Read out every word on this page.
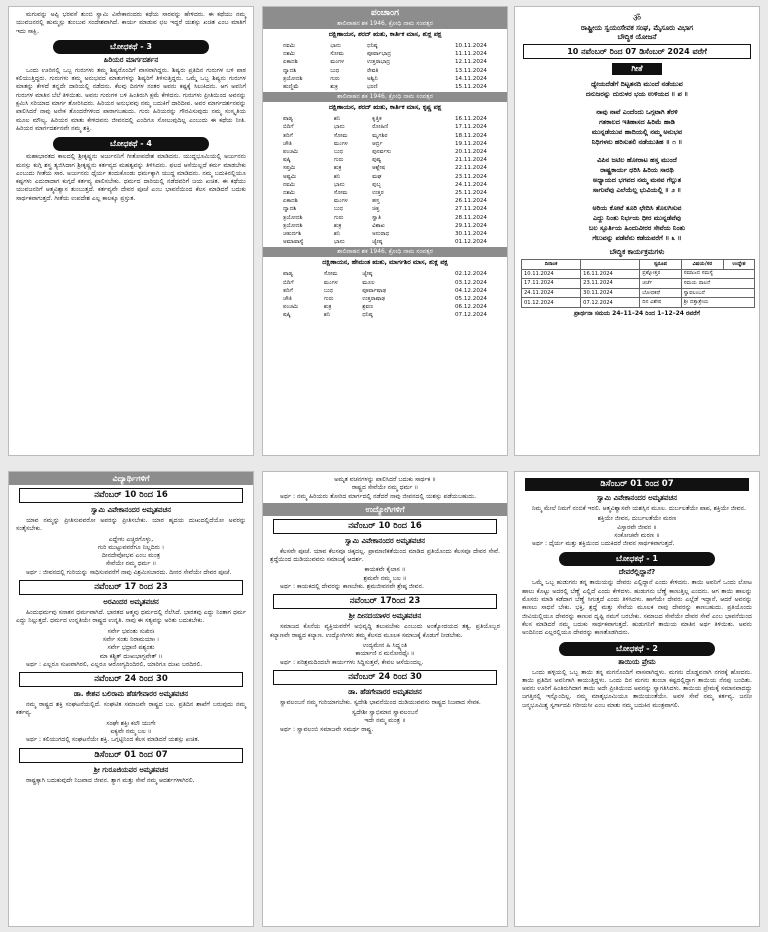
ಮಗುವನ್ನು ಅಪ್ಪಿ ಭರವಸೆ ತುಂಬಿ ಸ್ವಾಮಿ ವಿವೇಕಾನಂದರು ಕಥೆಯ ಸಾರವನ್ನು ಹೇಳಿದರು. ಈ ಕಥೆಯು ನಮ್ಮ ಯುವಜನರಲ್ಲಿ ಹುಮ್ಮಸ್ಸು ತುಂಬುವ ಸಂದೇಶವಾಗಿದೆ. ಕಾರ್ಯ ಮಾಡುವ ಛಲ ಇದ್ದರೆ ಯಶಸ್ಸು ಖಚಿತ ಎಂಬ ಮಾತಿಗೆ ಇದು ಸಾಕ್ಷಿ.

ಬೋಧಕಥೆ - 3
ಹಿರಿಯರ ಮಾರ್ಗದರ್ಶನ

ಒಂದು ಊರಿನಲ್ಲಿ ಒಬ್ಬ ಗುರುಗಳು ತಮ್ಮ ಶಿಷ್ಯರೊಂದಿಗೆ ವಾಸವಾಗಿದ್ದರು. ಶಿಷ್ಯರು ಪ್ರತಿದಿನ ಗುರುಗಳ ಬಳಿ ಪಾಠ ಕಲಿಯುತ್ತಿದ್ದರು. ಗುರುಗಳು ತಮ್ಮ ಅನುಭವದ ಮಾತುಗಳನ್ನು ಶಿಷ್ಯರಿಗೆ ತಿಳಿಸುತ್ತಿದ್ದರು. ಒಮ್ಮೆ ಒಬ್ಬ ಶಿಷ್ಯನು ಗುರುಗಳ ಮಾತನ್ನು ಕೇಳದೆ ತನ್ನದೇ ದಾರಿಯಲ್ಲಿ ನಡೆದನು. ಕೆಲವು ದಿನಗಳ ನಂತರ ಅವನು ಕಷ್ಟಕ್ಕೆ ಸಿಲುಕಿದನು. ಆಗ ಅವನಿಗೆ ಗುರುಗಳ ಮಾತಿನ ಬೆಲೆ ತಿಳಿಯಿತು. ಅವನು ಗುರುಗಳ ಬಳಿ ಹಿಂತಿರುಗಿ ಕ್ಷಮೆ ಕೇಳಿದನು. ಗುರುಗಳು ಪ್ರೀತಿಯಿಂದ ಅವನನ್ನು ಕ್ಷಮಿಸಿ ಸರಿಯಾದ ಮಾರ್ಗ ತೋರಿಸಿದರು. ಹಿರಿಯರ ಅನುಭವವು ನಮ್ಮ ಬದುಕಿಗೆ ದಾರಿದೀಪ. ಅವರ ಮಾರ್ಗದರ್ಶನವನ್ನು ಪಾಲಿಸಿದರೆ ನಾವು ಅನೇಕ ತೊಂದರೆಗಳಿಂದ ಪಾರಾಗಬಹುದು. ಗುರು ಹಿರಿಯರನ್ನು ಗೌರವಿಸುವುದು ನಮ್ಮ ಸಂಸ್ಕೃತಿಯ ಮೂಲ ಮೌಲ್ಯ. ಹಿರಿಯರ ಮಾತು ಕೇಳಿದವನು ಜೀವನದಲ್ಲಿ ಎಂದಿಗೂ ಸೋಲುವುದಿಲ್ಲ ಎಂಬುದು ಈ ಕಥೆಯ ನೀತಿ. ಹಿರಿಯರ ಮಾರ್ಗದರ್ಶನವೇ ನಮ್ಮ ಶಕ್ತಿ.

ಬೋಧಕಥೆ - 4

ಮಹಾಭಾರತದ ಕಾಲದಲ್ಲಿ ಶ್ರೀಕೃಷ್ಣನು ಅರ್ಜುನನಿಗೆ ಗೀತೋಪದೇಶ ಮಾಡಿದನು. ಯುದ್ಧಭೂಮಿಯಲ್ಲಿ ಅರ್ಜುನನು ಮನಸ್ಸು ಕುಗ್ಗಿ ಶಸ್ತ್ರ ತ್ಯಜಿಸಿದಾಗ ಶ್ರೀಕೃಷ್ಣನು ಕರ್ತವ್ಯದ ಮಹತ್ವವನ್ನು ತಿಳಿಸಿದನು. ಫಲದ ಆಸೆಯಿಲ್ಲದೆ ಕರ್ಮ ಮಾಡಬೇಕು ಎಂಬುದು ಗೀತೆಯ ಸಾರ. ಅರ್ಜುನನು ಧೈರ್ಯ ತಂದುಕೊಂಡು ಧರ್ಮಕ್ಕಾಗಿ ಯುದ್ಧ ಮಾಡಿದನು. ನಮ್ಮ ಬದುಕಿನಲ್ಲಿಯೂ ಕಷ್ಟಗಳು ಎದುರಾದಾಗ ಕುಗ್ಗದೆ ಕರ್ತವ್ಯ ಪಾಲಿಸಬೇಕು. ಧರ್ಮದ ದಾರಿಯಲ್ಲಿ ನಡೆದವರಿಗೆ ಜಯ ಖಚಿತ. ಈ ಕಥೆಯು ಯುವಜನರಿಗೆ ಆತ್ಮವಿಶ್ವಾಸ ತುಂಬುತ್ತದೆ. ಕರ್ತವ್ಯವೇ ದೇವರ ಪೂಜೆ ಎಂಬ ಭಾವನೆಯಿಂದ ಕೆಲಸ ಮಾಡಿದರೆ ಬದುಕು ಸಾರ್ಥಕವಾಗುತ್ತದೆ. ಗೀತೆಯ ಉಪದೇಶ ಎಲ್ಲ ಕಾಲಕ್ಕೂ ಪ್ರಸ್ತುತ.

ಪಂಚಾಂಗ
ಶಾಲಿವಾಹನ ಶಕ 1946, ಕ್ರೋಧಿ ನಾಮ ಸಂವತ್ಸರ
ದಕ್ಷಿಣಾಯನ, ಶರದ್ ಋತು, ಕಾರ್ತಿಕ ಮಾಸ, ಶುಕ್ಲ ಪಕ್ಷ
ನವಮಿ	ಭಾನು	ಧನಿಷ್ಠ	10.11.2024
ದಶಮಿ	ಸೋಮ	ಪೂರ್ವಾಭಾದ್ರ	11.11.2024
ಏಕಾದಶಿ	ಮಂಗಳ	ಉತ್ತರಾಭಾದ್ರ	12.11.2024
ದ್ವಾದಶಿ	ಬುಧ	ರೇವತಿ	13.11.2024
ತ್ರಯೋದಶಿ	ಗುರು	ಅಶ್ವಿನಿ	14.11.2024
ಹುಣ್ಣಿಮೆ	ಶುಕ್ರ	ಭರಣಿ	15.11.2024
ಶಾಲಿವಾಹನ ಶಕ 1946, ಕ್ರೋಧಿ ನಾಮ ಸಂವತ್ಸರ
ದಕ್ಷಿಣಾಯನ, ಶರದ್ ಋತು, ಕಾರ್ತಿಕ ಮಾಸ, ಕೃಷ್ಣ ಪಕ್ಷ
ಪಾಡ್ಯ	ಶನಿ	ಕೃತ್ತಿಕ	16.11.2024
ಬಿದಿಗೆ	ಭಾನು	ರೋಹಿಣಿ	17.11.2024
ತದಿಗೆ	ಸೋಮ	ಮೃಗಶಿರ	18.11.2024
ಚೌತಿ	ಮಂಗಳ	ಆರ್ದ್ರ	19.11.2024
ಪಂಚಮಿ	ಬುಧ	ಪುನರ್ವಸು	20.11.2024
ಷಷ್ಠಿ	ಗುರು	ಪುಷ್ಯ	21.11.2024
ಸಪ್ತಮಿ	ಶುಕ್ರ	ಆಶ್ಲೇಷ	22.11.2024
ಅಷ್ಟಮಿ	ಶನಿ	ಮಘ	23.11.2024
ನವಮಿ	ಭಾನು	ಪುಬ್ಬ	24.11.2024
ದಶಮಿ	ಸೋಮ	ಉತ್ತರ	25.11.2024
ಏಕಾದಶಿ	ಮಂಗಳ	ಹಸ್ತ	26.11.2024
ದ್ವಾದಶಿ	ಬುಧ	ಚಿತ್ತ	27.11.2024
ತ್ರಯೋದಶಿ	ಗುರು	ಸ್ವಾತಿ	28.11.2024
ತ್ರಯೋದಶಿ	ಶುಕ್ರ	ವಿಶಾಖ	29.11.2024
ಚತುರ್ದಶಿ	ಶನಿ	ಅನುರಾಧ	30.11.2024
ಅಮಾವಾಸ್ಯೆ	ಭಾನು	ಜ್ಯೇಷ್ಠ	01.12.2024
ಶಾಲಿವಾಹನ ಶಕ 1946, ಕ್ರೋಧಿ ನಾಮ ಸಂವತ್ಸರ
ದಕ್ಷಿಣಾಯನ, ಹೇಮಂತ ಋತು, ಮಾರ್ಗಶಿರ ಮಾಸ, ಶುಕ್ಲ ಪಕ್ಷ
ಪಾಡ್ಯ	ಸೋಮ	ಜ್ಯೇಷ್ಠ	02.12.2024
ಬಿದಿಗೆ	ಮಂಗಳ	ಮೂಲ	03.12.2024
ತದಿಗೆ	ಬುಧ	ಪೂರ್ವಾಷಾಢ	04.12.2024
ಚೌತಿ	ಗುರು	ಉತ್ತರಾಷಾಢ	05.12.2024
ಪಂಚಮಿ	ಶುಕ್ರ	ಶ್ರವಣ	06.12.2024
ಷಷ್ಠಿ	ಶನಿ	ಧನಿಷ್ಠ	07.12.2024
ॐ
ರಾಷ್ಟ್ರೀಯ ಸ್ವಯಂಸೇವಕ ಸಂಘ, ಮೈಸೂರು ವಿಭಾಗ
ಬೌದ್ಧಿಕ ಯೋಜನೆ
10 ನವೆಂಬರ್ ರಿಂದ 07 ಡಿಸೆಂಬರ್ 2024 ವರೆಗೆ
ಗೀತೆ
ಧ್ಯೇಯದೆಡೆಗೆ ದಿಟ್ಟತನದಿ ಮುಂದೆ ನಡೆಯುವ
ದನುಜರನ್ನು ದುರುಳರ ಭಯ ಉಳಿಯದ ॥ ಪ ॥
ನಾವು ನಾವೆ ಎಂದೆಂದು ಒಗ್ಗಟಾಗಿ ತೆರಳಿ
ಗತಕಾಲದ ಇತಿಹಾಸದ ಹಿರಿಮೆ ಹಾಡಿ
ಮುನ್ನಡೆಯುವ ಹಾದಿಯಲ್ಲಿ ನಮ್ಮ ಅನುಭವ
ನಿಧಿಗಳನು ಹರಿಸುತಲಿ ನಡೆಯುತಿಹ ॥ ೧ ॥
ವಿಪಿನ ಜಟಿಲ ಹೋರಾಟ ಹಸ್ತ ಮುಂದೆ
ರಾಷ್ಟ್ರಕಾರ್ಯ ಧರಿಸಿ ಹಿರಿಯ ಸಾರಥಿ
ಅಧ್ಯಾಯದ ಭಗವದ ನಮ್ಮ ಮನವ ಗೆಲ್ಲುತ
ಸಾಗುವೆವು ಎಲೆಯೆಲ್ಲ ಭುವಿಯಲ್ಲಿ ॥ ೨ ॥
ಅರಿಯ ಕೋಟೆ ತೂರಿ ಛೇದಿಸಿ ತೊಲಗಿಸುವ
ಎದ್ದು ನಿಂತು ನಿರ್ಭಯ ಧೀರ ಮುನ್ನಡೆವೆವು
ಬಲ ಸ್ಫೂರ್ತಿಯ ಹಿಂದುವೀರರ ಸೇವೆಯ ನಿಂತು
ಗೆಲುವನ್ನು ಪಡೆವೆನು ಕಡೆಯವರೆಗೆ ॥ ೩ ॥
ಬೌದ್ಧಿಕ ಕಾರ್ಯಕ್ರಮಗಳು
ದಿನಾಂಕ		ಸ್ವರೂಪ	ವಿಷಯ/ಸರ	ಉದ್ದೇಶ
10.11.2024	16.11.2024	ಪ್ರಶ್ನೋತ್ತರ	ಸಮಾಜದ ಸಮಸ್ಯೆ	
17.11.2024	23.11.2024	ಚರ್ಚೆ	ಸಮಯ ಪಾಲನೆ	
24.11.2024	30.11.2024	ಬೋಧಕಥೆ	ಸ್ವಾವಲಂಬನೆ	
01.12.2024	07.12.2024	ದಿನ ವಿಶೇಷ	ಶ್ರೀ ದತ್ತಾತ್ರೇಯ	
ಪ್ರಾರ್ಥನಾ ಸಮಯ 24–11–24 ರಿಂದ 1–12–24 ರವರೆಗೆ
ವಿದ್ಯಾರ್ಥಿಗಳಿಗೆ
ನವೆಂಬರ್ 10 ರಿಂದ 16
ಸ್ವಾಮಿ ವಿವೇಕಾನಂದರ ಅಮೃತವಚನ

ಯಾವ ನಮ್ಮನ್ನು ಪ್ರೀತಿಸುವವರೋ ಅವರನ್ನು ಪ್ರೀತಿಸಬೇಕು. ಯಾರ ಹೃದಯ ದುಃಖದಲ್ಲಿದೆಯೋ ಅವರನ್ನು ಸಂತೈಸಬೇಕು.

ಎದ್ದೇಳು ಎಚ್ಚರಗೊಳ್ಳು,
ಗುರಿ ಮುಟ್ಟುವವರೆಗೂ ನಿಲ್ಲದಿರು ।
ದೀನದೇವೋಭವ ಎಂಬ ಮಂತ್ರ
ಸೇವೆಯೇ ನಮ್ಮ ಧರ್ಮ ॥

ಅರ್ಥ : ಜೀವನದಲ್ಲಿ ಗುರಿಯನ್ನು ಸಾಧಿಸುವವರೆಗೆ ನಾವು ವಿಶ್ರಮಿಸಬಾರದು. ದೀನರ ಸೇವೆಯೇ ದೇವರ ಪೂಜೆ.

ನವೆಂಬರ್ 17 ರಿಂದ 23
ಅರವಿಂದರ ಅಮೃತವಚನ

ಹಿಂದುಧರ್ಮವು ಸನಾತನ ಧರ್ಮವಾಗಿದೆ. ಭಾರತದ ಆತ್ಮವು ಧರ್ಮದಲ್ಲಿ ನೆಲೆಸಿದೆ. ಭಾರತವು ಎದ್ದು ನಿಂತಾಗ ಧರ್ಮ ಎದ್ದು ನಿಲ್ಲುತ್ತದೆ. ಧರ್ಮದ ಉನ್ನತಿಯೇ ರಾಷ್ಟ್ರದ ಉನ್ನತಿ. ನಾವು ಈ ಸತ್ಯವನ್ನು ಅರಿತು ಬದುಕಬೇಕು.

ಸರ್ವೇ ಭವಂತು ಸುಖಿನಃ
ಸರ್ವೇ ಸಂತು ನಿರಾಮಯಾಃ ।
ಸರ್ವೇ ಭದ್ರಾಣಿ ಪಶ್ಯಂತು
ಮಾ ಕಶ್ಚಿತ್ ದುಃಖಭಾಗ್ಭವೇತ್ ॥

ಅರ್ಥ : ಎಲ್ಲರೂ ಸುಖವಾಗಿರಲಿ, ಎಲ್ಲರೂ ಆರೋಗ್ಯದಿಂದಿರಲಿ, ಯಾರಿಗೂ ದುಃಖ ಬರದಿರಲಿ.

ನವೆಂಬರ್ 24 ರಿಂದ 30
ಡಾ. ಕೇಶವ ಬಲಿರಾಮ ಹೆಡಗೇವಾರರ ಅಮೃತವಚನ

ನಮ್ಮ ರಾಷ್ಟ್ರದ ಶಕ್ತಿ ಸಂಘಟನೆಯಲ್ಲಿದೆ. ಸಂಘಟಿತ ಸಮಾಜವೇ ರಾಷ್ಟ್ರದ ಬಲ. ಪ್ರತಿದಿನ ಶಾಖೆಗೆ ಬರುವುದು ನಮ್ಮ ಕರ್ತವ್ಯ.

ಸಂಘೇ ಶಕ್ತಿಃ ಕಲೌ ಯುಗೇ
ಐಕ್ಯವೇ ನಮ್ಮ ಬಲ ॥

ಅರ್ಥ : ಕಲಿಯುಗದಲ್ಲಿ ಸಂಘಟನೆಯೇ ಶಕ್ತಿ. ಒಗ್ಗಟ್ಟಿನಿಂದ ಕೆಲಸ ಮಾಡಿದರೆ ಯಶಸ್ಸು ಖಚಿತ.

ಡಿಸೆಂಬರ್ 01 ರಿಂದ 07
ಶ್ರೀ ಗುರೂಜಿಯವರ ಅಮೃತವಚನ

ರಾಷ್ಟ್ರಕ್ಕಾಗಿ ಬದುಕುವುದೇ ನಿಜವಾದ ಜೀವನ. ತ್ಯಾಗ ಮತ್ತು ಸೇವೆ ನಮ್ಮ ಆದರ್ಶಗಳಾಗಿರಲಿ.

ಅಮೃತ ವಚನಗಳನ್ನು ಪಾಲಿಸಿದರೆ ಬದುಕು ಸಾರ್ಥಕ ॥
ರಾಷ್ಟ್ರದ ಸೇವೆಯೇ ನಮ್ಮ ಧರ್ಮ ॥

ಅರ್ಥ : ನಮ್ಮ ಹಿರಿಯರು ತೋರಿದ ಮಾರ್ಗದಲ್ಲಿ ನಡೆದರೆ ನಾವು ಜೀವನದಲ್ಲಿ ಯಶಸ್ಸು ಪಡೆಯಬಹುದು.

ಉದ್ಯೋಗಿಗಳಿಗೆ
ನವೆಂಬರ್ 10 ರಿಂದ 16
ಸ್ವಾಮಿ ವಿವೇಕಾನಂದರ ಅಮೃತವಚನ

ಕೆಲಸವೇ ಪೂಜೆ. ಯಾವ ಕೆಲಸವೂ ಚಿಕ್ಕದಲ್ಲ. ಪ್ರಾಮಾಣಿಕತೆಯಿಂದ ಮಾಡಿದ ಪ್ರತಿಯೊಂದು ಕೆಲಸವೂ ದೇವರ ಸೇವೆ. ಶ್ರದ್ಧೆಯಿಂದ ದುಡಿಯುವವನು ಸಮಾಜಕ್ಕೆ ಆದರ್ಶ.

ಕಾಯಕವೇ ಕೈಲಾಸ ॥
ಶ್ರಮವೇ ನಮ್ಮ ಬಲ ॥

ಅರ್ಥ : ಕಾಯಕದಲ್ಲಿ ದೇವರನ್ನು ಕಾಣಬೇಕು. ಶ್ರಮಜೀವನವೇ ಶ್ರೇಷ್ಠ ಜೀವನ.

ನವೆಂಬರ್ 17ರಿಂದ 23
ಶ್ರೀ ದೀನದಯಾಳರ ಅಮೃತವಚನ

ಸಮಾಜದ ಕೊನೆಯ ವ್ಯಕ್ತಿಯವರೆಗೆ ಅಭಿವೃದ್ಧಿ ತಲುಪಬೇಕು ಎಂಬುದು ಅಂತ್ಯೋದಯದ ತತ್ವ. ಪ್ರತಿಯೊಬ್ಬರ ಕಲ್ಯಾಣವೇ ರಾಷ್ಟ್ರದ ಕಲ್ಯಾಣ. ಉದ್ಯೋಗಿಗಳು ತಮ್ಮ ಕೆಲಸದ ಮೂಲಕ ಸಮಾಜಕ್ಕೆ ಕೊಡುಗೆ ನೀಡಬೇಕು.

ಉದ್ಯಮೇನ ಹಿ ಸಿದ್ಧ್ಯಂತಿ
ಕಾರ್ಯಾಣಿ ನ ಮನೋರಥೈಃ ॥

ಅರ್ಥ : ಪರಿಶ್ರಮದಿಂದಲೇ ಕಾರ್ಯಗಳು ಸಿದ್ಧಿಸುತ್ತವೆ, ಕೇವಲ ಆಸೆಯಿಂದಲ್ಲ.

ನವೆಂಬರ್ 24 ರಿಂದ 30
ಡಾ. ಹೆಡಗೇವಾರರ ಅಮೃತವಚನ

ಸ್ವಾವಲಂಬನೆ ನಮ್ಮ ಗುರಿಯಾಗಬೇಕು. ಸ್ವದೇಶಿ ಭಾವನೆಯಿಂದ ದುಡಿಯುವವನು ರಾಷ್ಟ್ರದ ನಿಜವಾದ ಸೇವಕ.

ಸ್ವದೇಶೀ ಸ್ವಾಭಿಮಾನ ಸ್ವಾವಲಂಬನೆ
ಇದೇ ನಮ್ಮ ಮಂತ್ರ ॥

ಅರ್ಥ : ಸ್ವಾವಲಂಬಿ ಸಮಾಜವೇ ಸಮರ್ಥ ರಾಷ್ಟ್ರ.

ಡಿಸೆಂಬರ್ 01 ರಿಂದ 07
ಸ್ವಾಮಿ ವಿವೇಕಾನಂದರ ಅಮೃತವಚನ

ನಿಮ್ಮ ಮೇಲೆ ನಿಮಗೆ ನಂಬಿಕೆ ಇರಲಿ. ಆತ್ಮವಿಶ್ವಾಸವೇ ಯಶಸ್ಸಿನ ಮೂಲ. ದುರ್ಬಲತೆಯೇ ಪಾಪ, ಶಕ್ತಿಯೇ ಜೀವನ.

ಶಕ್ತಿಯೇ ಜೀವನ, ದುರ್ಬಲತೆಯೇ ಮರಣ
ವಿಸ್ತಾರವೇ ಜೀವನ ॥
ಸಂಕೋಚವೇ ಮರಣ ॥

ಅರ್ಥ : ಧೈರ್ಯ ಮತ್ತು ಶಕ್ತಿಯಿಂದ ಬದುಕಿದರೆ ಜೀವನ ಸಾರ್ಥಕವಾಗುತ್ತದೆ.

ಬೋಧಕಥೆ - 1
ದೇವರೆಲ್ಲಿದ್ದಾನೆ?

ಒಮ್ಮೆ ಒಬ್ಬ ಹುಡುಗನು ತನ್ನ ತಾಯಿಯನ್ನು ದೇವರು ಎಲ್ಲಿದ್ದಾನೆ ಎಂದು ಕೇಳಿದನು. ತಾಯಿ ಅವನಿಗೆ ಒಂದು ಲೋಟ ಹಾಲು ಕೊಟ್ಟು ಅದರಲ್ಲಿ ಬೆಣ್ಣೆ ಎಲ್ಲಿದೆ ಎಂದು ಕೇಳಿದಳು. ಹುಡುಗನು ಬೆಣ್ಣೆ ಕಾಣುತ್ತಿಲ್ಲ ಎಂದನು. ಆಗ ತಾಯಿ ಹಾಲನ್ನು ಮೊಸರು ಮಾಡಿ ಕಡೆದಾಗ ಬೆಣ್ಣೆ ಸಿಗುತ್ತದೆ ಎಂದು ತಿಳಿಸಿದಳು. ಹಾಗೆಯೇ ದೇವರು ಎಲ್ಲೆಡೆ ಇದ್ದಾನೆ, ಆದರೆ ಅವನನ್ನು ಕಾಣಲು ಸಾಧನೆ ಬೇಕು. ಭಕ್ತಿ, ಶ್ರದ್ಧೆ ಮತ್ತು ಸೇವೆಯ ಮೂಲಕ ನಾವು ದೇವರನ್ನು ಕಾಣಬಹುದು. ಪ್ರತಿಯೊಂದು ಜೀವಿಯಲ್ಲಿಯೂ ದೇವರನ್ನು ಕಾಣುವ ದೃಷ್ಟಿ ನಮಗೆ ಬರಬೇಕು. ಸಮಾಜದ ಸೇವೆಯೇ ದೇವರ ಸೇವೆ ಎಂಬ ಭಾವನೆಯಿಂದ ಕೆಲಸ ಮಾಡಿದರೆ ನಮ್ಮ ಬದುಕು ಸಾರ್ಥಕವಾಗುತ್ತದೆ. ಹುಡುಗನಿಗೆ ತಾಯಿಯ ಮಾತಿನ ಅರ್ಥ ತಿಳಿಯಿತು. ಅವನು ಅಂದಿನಿಂದ ಎಲ್ಲರಲ್ಲಿಯೂ ದೇವರನ್ನು ಕಾಣತೊಡಗಿದನು.

ಬೋಧಕಥೆ - 2
ತಾಯಿಯ ಪ್ರೇಮ

ಒಂದು ಹಳ್ಳಿಯಲ್ಲಿ ಒಬ್ಬ ತಾಯಿ ತನ್ನ ಮಗನೊಂದಿಗೆ ವಾಸವಾಗಿದ್ದಳು. ಮಗನು ದೊಡ್ಡವನಾಗಿ ನಗರಕ್ಕೆ ಹೋದನು. ತಾಯಿ ಪ್ರತಿದಿನ ಅವನಿಗಾಗಿ ಕಾಯುತ್ತಿದ್ದಳು. ಒಂದು ದಿನ ಮಗನು ತುಂಬಾ ಕಷ್ಟದಲ್ಲಿದ್ದಾಗ ತಾಯಿಯ ನೆನಪು ಬಂದಿತು. ಅವನು ಊರಿಗೆ ಹಿಂತಿರುಗಿದಾಗ ತಾಯಿ ಅದೇ ಪ್ರೀತಿಯಿಂದ ಅವನನ್ನು ಸ್ವಾಗತಿಸಿದಳು. ತಾಯಿಯ ಪ್ರೇಮಕ್ಕೆ ಸಮಾನವಾದದ್ದು ಜಗತ್ತಿನಲ್ಲಿ ಇನ್ನೊಂದಿಲ್ಲ. ನಮ್ಮ ಮಾತೃಭೂಮಿಯೂ ತಾಯಿಯಂತೆಯೇ. ಅವಳ ಸೇವೆ ನಮ್ಮ ಕರ್ತವ್ಯ. ಜನನೀ ಜನ್ಮಭೂಮಿಶ್ಚ ಸ್ವರ್ಗಾದಪಿ ಗರೀಯಸೀ ಎಂಬ ಮಾತು ನಮ್ಮ ಬದುಕಿನ ಮಂತ್ರವಾಗಲಿ.
